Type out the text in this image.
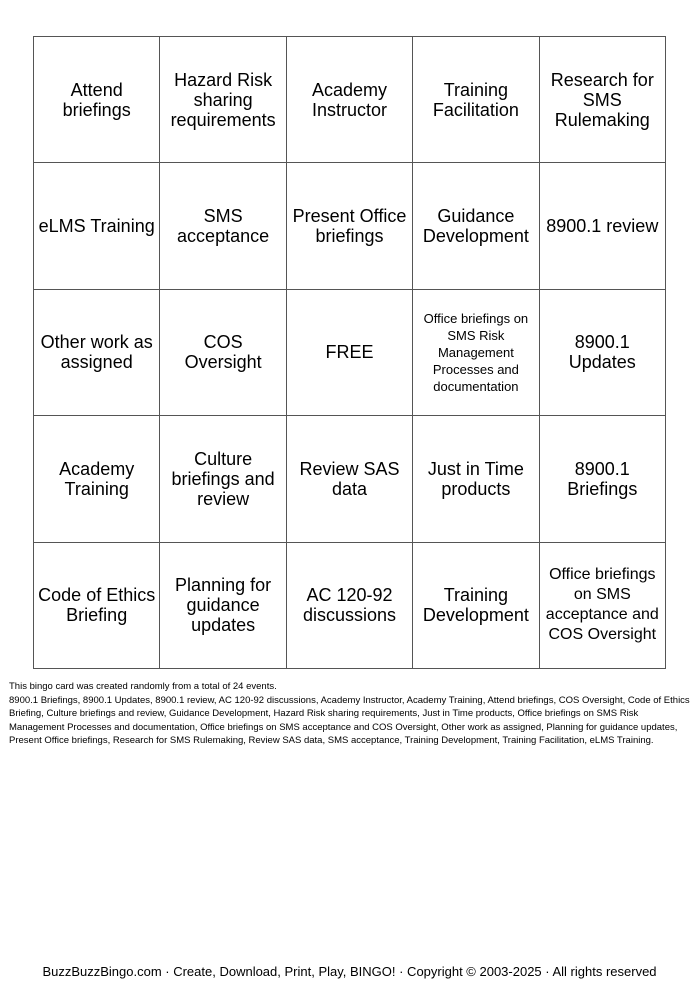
Attend briefings
Hazard Risk sharing requirements
Academy Instructor
Training Facilitation
Research for SMS Rulemaking
eLMS Training	SMS acceptance
Present Office briefings
Guidance Development 8900.1 review
Other work as assigned
COS Oversight	FREE
Office briefings on SMS Risk Management Processes and documentation
8900.1 Updates
Academy Training
Culture briefings and review
Review SAS data
Just in Time products
8900.1 Briefings
Code of Ethics Briefing
Planning for guidance updates
AC 120-92 discussions
Training Development
Office briefings on SMS acceptance and COS Oversight
This bingo card was created randomly from a total of 24 events.
8900.1 Briefings, 8900.1 Updates, 8900.1 review, AC 120-92 discussions, Academy Instructor, Academy Training, Attend briefings, COS Oversight, Code of Ethics Briefing, Culture briefings and review, Guidance Development, Hazard Risk sharing requirements, Just in Time products, Office briefings on SMS Risk Management Processes and documentation, Office briefings on SMS acceptance and COS Oversight, Other work as assigned, Planning for guidance updates, Present Office briefings, Research for SMS Rulemaking, Review SAS data, SMS acceptance, Training Development, Training Facilitation, eLMS Training.
BuzzBuzzBingo.com · Create, Download, Print, Play, BINGO! · Copyright © 2003-2025 · All rights reserved
